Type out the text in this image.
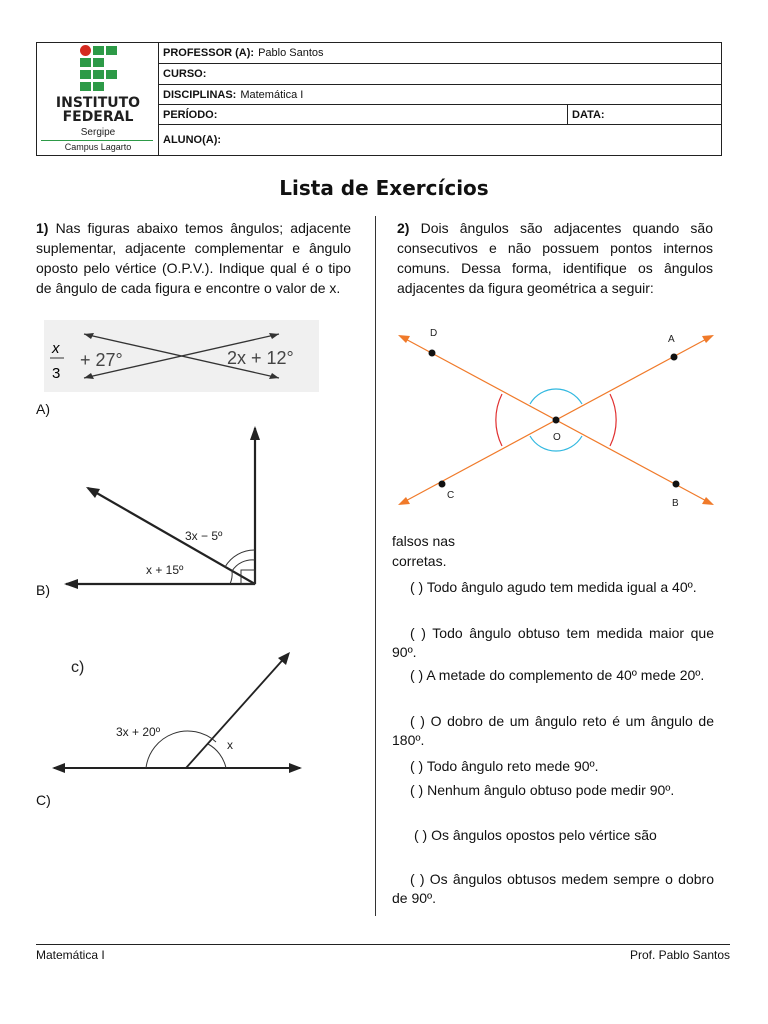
INSTITUTO
FEDERAL
Sergipe
Campus Lagarto
PROFESSOR (A): Pablo Santos
CURSO:
DISCIPLINAS: Matemática I
PERÍODO:	DATA:
ALUNO(A):
Lista de Exercícios
1) Nas figuras abaixo temos ângulos; adjacente suplementar, adjacente complementar e ângulo oposto pelo vértice (O.P.V.). Indique qual é o tipo de ângulo de cada figura e encontre o valor de x.
x
3
+ 27°	2x + 12°
A)
3x − 5º
x + 15º
B)
c)
3x + 20º
x
C)
2) Dois ângulos são adjacentes quando são consecutivos e não possuem pontos internos comuns. Dessa forma, identifique os ângulos adjacentes da figura geométrica a seguir:
D
A
O
C
B
falsos nas
corretas.
( ) Todo ângulo agudo tem medida igual a 40º.
( ) Todo ângulo obtuso tem medida maior que 90º.
( ) A metade do complemento de 40º mede 20º.
( ) O dobro de um ângulo reto é um ângulo de 180º.
( ) Todo ângulo reto mede 90º.
( ) Nenhum ângulo obtuso pode medir 90º.
( ) Os ângulos opostos pelo vértice são
( ) Os ângulos obtusos medem sempre o dobro de 90º.
Matemática I	Prof. Pablo Santos
